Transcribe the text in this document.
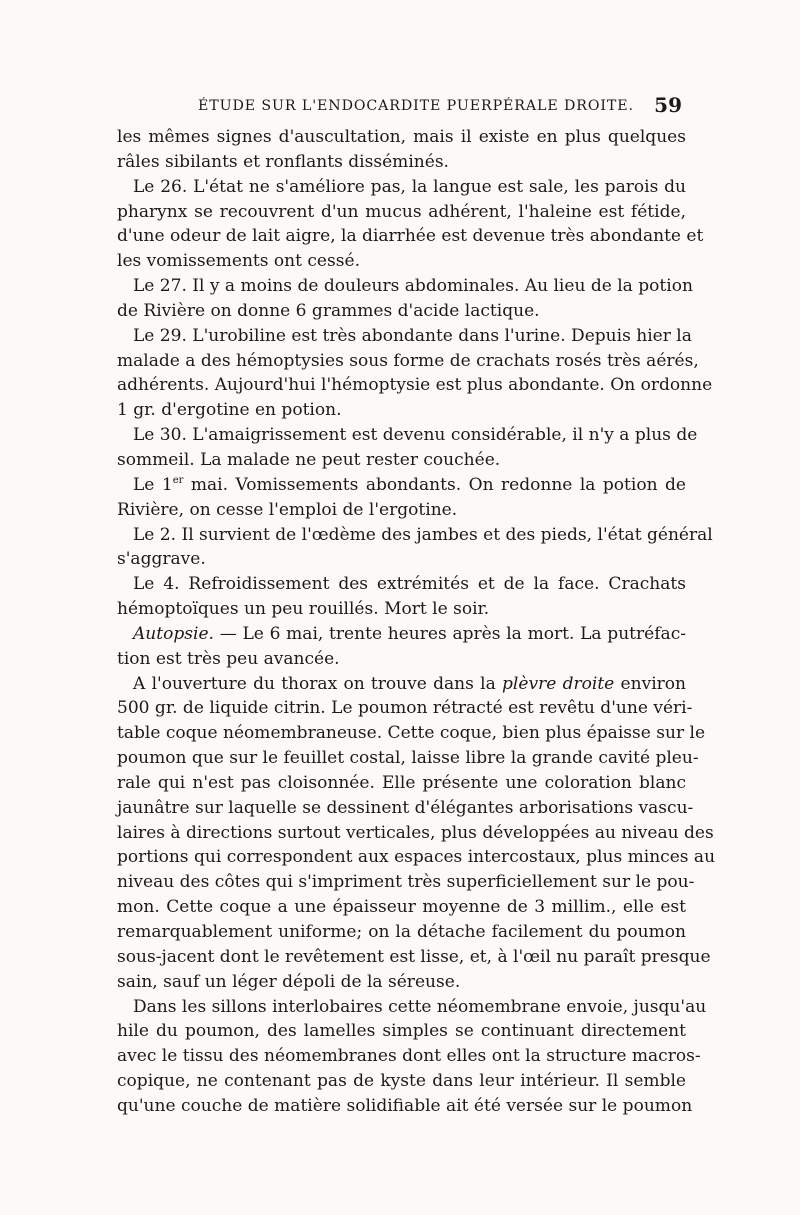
ÉTUDE SUR L'ENDOCARDITE PUERPÉRALE DROITE. 59
les mêmes signes d'auscultation, mais il existe en plus quelques
râles sibilants et ronflants disséminés.
Le 26. L'état ne s'améliore pas, la langue est sale, les parois du
pharynx se recouvrent d'un mucus adhérent, l'haleine est fétide,
d'une odeur de lait aigre, la diarrhée est devenue très abondante et
les vomissements ont cessé.
Le 27. Il y a moins de douleurs abdominales. Au lieu de la potion
de Rivière on donne 6 grammes d'acide lactique.
Le 29. L'urobiline est très abondante dans l'urine. Depuis hier la
malade a des hémoptysies sous forme de crachats rosés très aérés,
adhérents. Aujourd'hui l'hémoptysie est plus abondante. On ordonne
1 gr. d'ergotine en potion.
Le 30. L'amaigrissement est devenu considérable, il n'y a plus de
sommeil. La malade ne peut rester couchée.
Le 1er mai. Vomissements abondants. On redonne la potion de
Rivière, on cesse l'emploi de l'ergotine.
Le 2. Il survient de l'œdème des jambes et des pieds, l'état général
s'aggrave.
Le 4. Refroidissement des extrémités et de la face. Crachats
hémoptoïques un peu rouillés. Mort le soir.
Autopsie. — Le 6 mai, trente heures après la mort. La putréfac-
tion est très peu avancée.
A l'ouverture du thorax on trouve dans la plèvre droite environ
500 gr. de liquide citrin. Le poumon rétracté est revêtu d'une véri-
table coque néomembraneuse. Cette coque, bien plus épaisse sur le
poumon que sur le feuillet costal, laisse libre la grande cavité pleu-
rale qui n'est pas cloisonnée. Elle présente une coloration blanc
jaunâtre sur laquelle se dessinent d'élégantes arborisations vascu-
laires à directions surtout verticales, plus développées au niveau des
portions qui correspondent aux espaces intercostaux, plus minces au
niveau des côtes qui s'impriment très superficiellement sur le pou-
mon. Cette coque a une épaisseur moyenne de 3 millim., elle est
remarquablement uniforme; on la détache facilement du poumon
sous-jacent dont le revêtement est lisse, et, à l'œil nu paraît presque
sain, sauf un léger dépoli de la séreuse.
Dans les sillons interlobaires cette néomembrane envoie, jusqu'au
hile du poumon, des lamelles simples se continuant directement
avec le tissu des néomembranes dont elles ont la structure macros-
copique, ne contenant pas de kyste dans leur intérieur. Il semble
qu'une couche de matière solidifiable ait été versée sur le poumon
